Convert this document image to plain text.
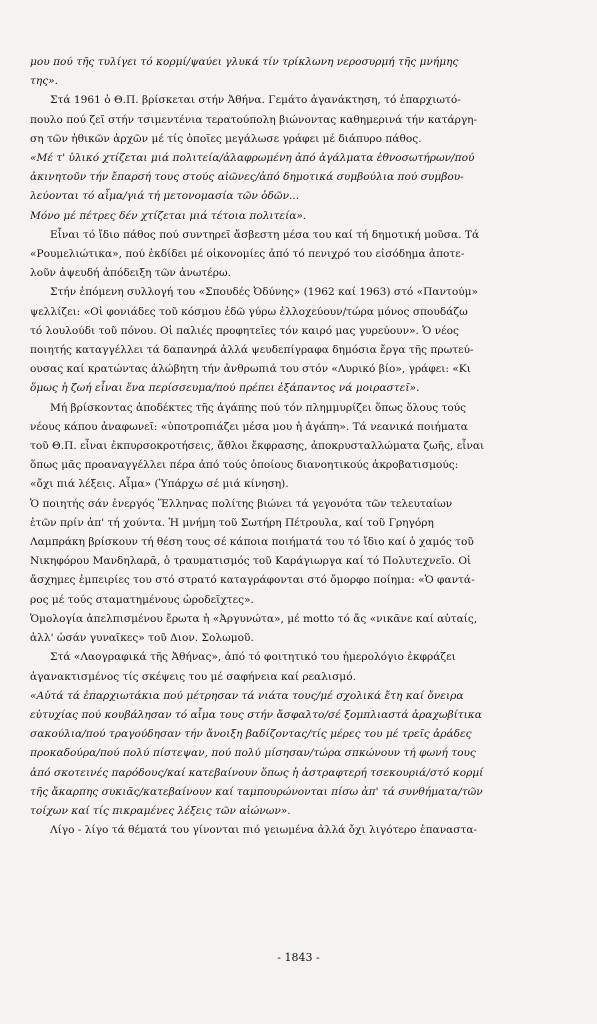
μου πού τῆς τυλίγει τό κορμί/ψαύει γλυκά τίν τρίκλωνη νεροσυρμή τῆς μνήμης
της».
Στά 1961 ὁ Θ.Π. βρίσκεται στήν Ἀθήνα. Γεμάτο ἀγανάκτηση, τό ἐπαρχιωτό-
πουλο πού ζεῖ στήν τσιμεντένια τερατούπολη βιώνοντας καθημερινά τήν κατάργη-
ση τῶν ἠθικῶν ἀρχῶν μέ τίς ὁποῖες μεγάλωσε γράφει μέ διάπυρο πάθος.
«Μέ τ' ὑλικό χτίζεται μιά πολιτεία/ἀλαφρωμένη ἀπό ἀγάλματα ἐθνοσωτήρων/πού
ἀκινητοῦν τήν ἔπαρσή τους στούς αἰῶνες/ἀπό δημοτικά συμβούλια πού συμβου-
λεύονται τό αἷμα/γιά τή μετονομασία τῶν ὁδῶν...
Μόνο μέ πέτρες δέν χτίζεται μιά τέτοια πολιτεία».
Εἶναι τό ἴδιο πάθος πού συντηρεῖ ἄσβεστη μέσα του καί τή δημοτική μοῦσα. Τά
«Ρουμελιώτικα», πού ἐκδίδει μέ οἰκονομίες ἀπό τό πενιχρό του εἰσόδημα ἀποτε-
λοῦν ἀψευδή ἀπόδειξη τῶν ἀνωτέρω.
Στήν ἑπόμενη συλλογή του «Σπουδές Ὀδύνης» (1962 καί 1963) στό «Παντούμ»
ψελλίζει: «Οἱ φονιάδες τοῦ κόσμου ἐδῶ γύρω ἐλλοχεύουν/τώρα μόνος σπουδάζω
τό λουλούδι τοῦ πόνου. Οἱ παλιές προφητεῖες τόν καιρό μας γυρεύουν». Ὁ νέος
ποιητής καταγγέλλει τά δαπανηρά ἀλλά ψευδεπίγραφα δημόσια ἔργα τῆς πρωτεύ-
ουσας καί κρατώντας ἀλώβητη τήν ἀνθρωπιά του στόν «Λυρικό βίο», γράφει: «Κι
ὅμως ἡ ζωή εἶναι ἕνα περίσσευμα/πού πρέπει ἐξάπαντος νά μοιραστεῖ».
Μή βρίσκοντας ἀποδέκτες τῆς ἀγάπης πού τόν πλημμυρίζει ὅπως ὅλους τούς
νέους κάπου ἀναφωνεῖ: «ὑποτροπιάζει μέσα μου ἡ ἀγάπη». Τά νεανικά ποιήματα
τοῦ Θ.Π. εἶναι ἐκπυρσοκροτήσεις, ἄθλοι ἔκφρασης, ἀποκρυσταλλώματα ζωῆς, εἶναι
ὅπως μᾶς προαναγγέλλει πέρα ἀπό τούς ὁποίους διανοητικούς ἀκροβατισμούς:
«ὄχι πιά λέξεις. Αἷμα» (Ὑπάρχω σέ μιά κίνηση).
Ὁ ποιητής σάν ἐνεργός Ἕλληνας πολίτης βιώνει τά γεγονότα τῶν τελευταίων
ἐτῶν πρίν ἀπ' τή χούντα. Ἡ μνήμη τοῦ Σωτήρη Πέτρουλα, καί τοῦ Γρηγόρη
Λαμπράκη βρίσκουν τή θέση τους σέ κάποια ποιήματά του τό ἴδιο καί ὁ χαμός τοῦ
Νικηφόρου Μανδηλαρᾶ, ὁ τραυματισμός τοῦ Καράγιωργα καί τό Πολυτεχνεῖο. Οἱ
ἄσχημες ἐμπειρίες του στό στρατό καταγράφονται στό ὄμορφο ποίημα: «Ὁ φαντά-
ρος μέ τούς σταματημένους ὡροδεῖχτες».
Ὁμολογία ἀπελπισμένου ἔρωτα ἡ «Ἀργυνώτα», μέ motto τό ἄς «νικᾶνε καί αὐταίς,
ἀλλ' ὡσάν γυναῖκες» τοῦ Διον. Σολωμοῦ.
Στά «Λαογραφικά τῆς Ἀθήνας», ἀπό τό φοιτητικό του ἡμερολόγιο ἐκφράζει
ἀγανακτισμένος τίς σκέψεις του μέ σαφήνεια καί ρεαλισμό.
«Αὐτά τά ἐπαρχιωτάκια πού μέτρησαν τά νιάτα τους/μέ σχολικά ἔτη καί ὄνειρα
εὐτυχίας πού κουβάλησαν τό αἷμα τους στήν ἄσφαλτο/σέ ξομπλιαστά ἀραχωβίτικα
σακούλια/πού τραγούδησαν τήν ἄνοιξη βαδίζοντας/τίς μέρες του μέ τρεῖς ἀράδες
προκαδούρα/πού πολύ πίστεψαν, πού πολύ μίσησαν/τώρα σπκώνουν τή φωνή τους
ἀπό σκοτεινές παρόδους/καί κατεβαίνουν ὅπως ἡ ἀστραφτερή τσεκουριά/στό κορμί
τῆς ἄκαρπης συκιᾶς/κατεβαίνουν καί ταμπουρώνονται πίσω ἀπ' τά συνθήματα/τῶν
τοίχων καί τίς πικραμένες λέξεις τῶν αἰώνων».
Λίγο - λίγο τά θέματά του γίνονται πιό γειωμένα ἀλλά ὄχι λιγότερο ἐπαναστα-
- 1843 -
